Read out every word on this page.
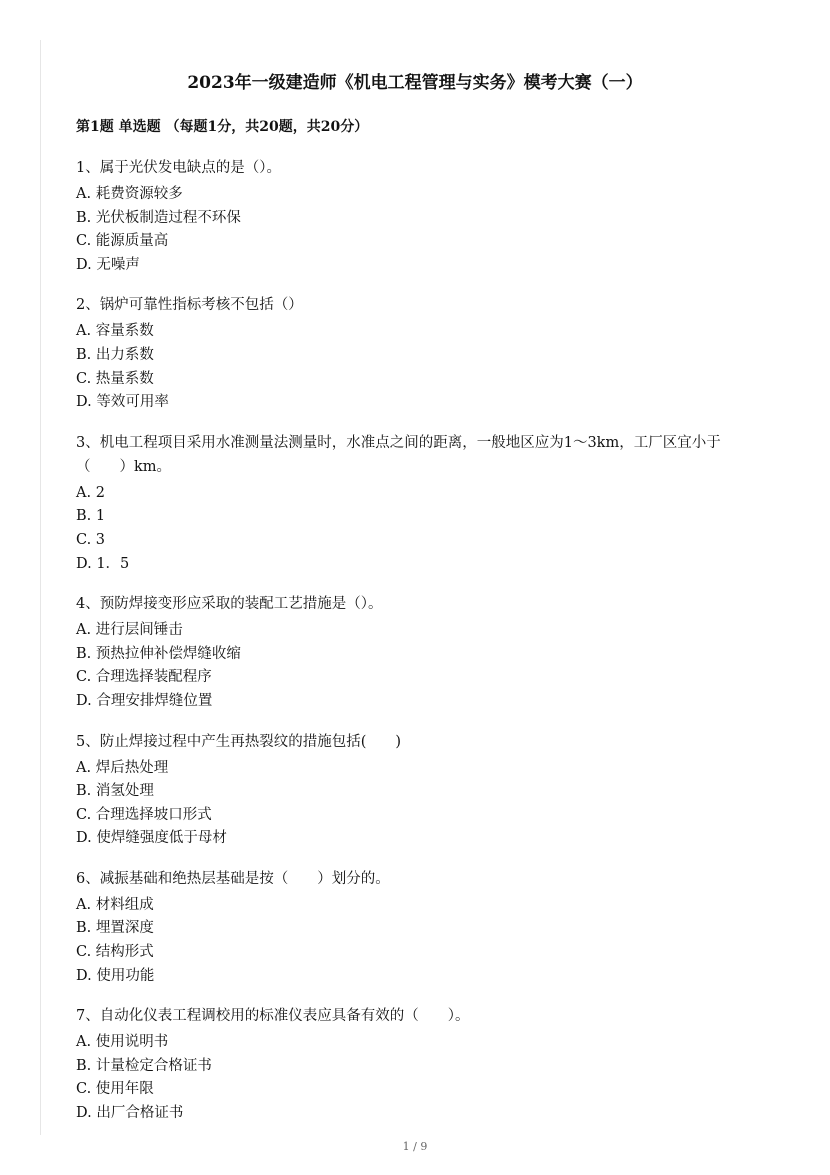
2023年一级建造师《机电工程管理与实务》模考大赛（一）
第1题 单选题 （每题1分，共20题，共20分）
1、属于光伏发电缺点的是（）。
A. 耗费资源较多
B. 光伏板制造过程不环保
C. 能源质量高
D. 无噪声
2、锅炉可靠性指标考核不包括（）
A. 容量系数
B. 出力系数
C. 热量系数
D. 等效可用率
3、机电工程项目采用水准测量法测量时，水准点之间的距离，一般地区应为1～3km，工厂区宜小于（　　）km。
A. 2
B. 1
C. 3
D. 1．5
4、预防焊接变形应采取的装配工艺措施是（）。
A. 进行层间锤击
B. 预热拉伸补偿焊缝收缩
C. 合理选择装配程序
D. 合理安排焊缝位置
5、防止焊接过程中产生再热裂纹的措施包括(　　)
A. 焊后热处理
B. 消氢处理
C. 合理选择坡口形式
D. 使焊缝强度低于母材
6、减振基础和绝热层基础是按（　　）划分的。
A. 材料组成
B. 埋置深度
C. 结构形式
D. 使用功能
7、自动化仪表工程调校用的标准仪表应具备有效的（　　）。
A. 使用说明书
B. 计量检定合格证书
C. 使用年限
D. 出厂合格证书
1 / 9
